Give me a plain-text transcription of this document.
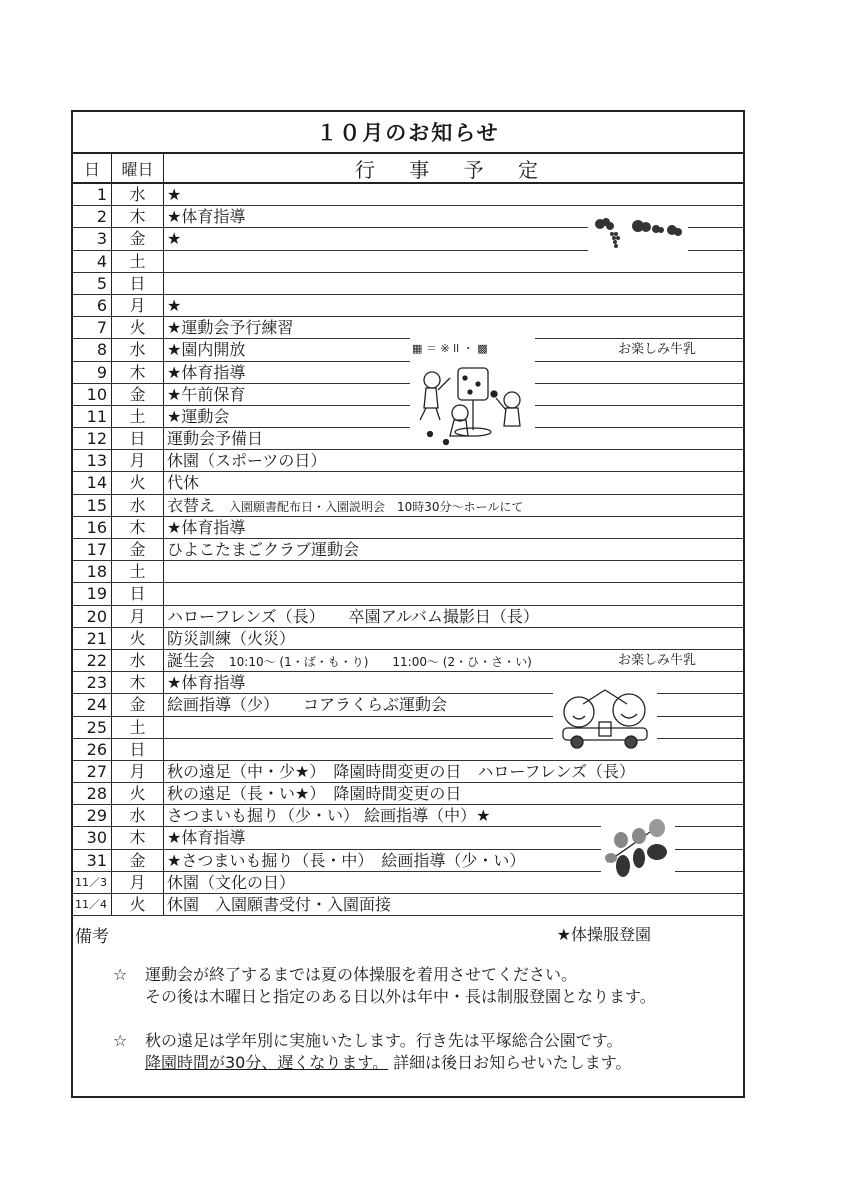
１０月のお知らせ
日	曜日	行 事 予 定
1	水	★
2	木	★体育指導
3	金	★
4	土
5	日
6	月	★
7	火	★運動会予行練習
8	水	★園内開放	お楽しみ牛乳
9	木	★体育指導
10	金	★午前保育
11	土	★運動会
12	日	運動会予備日
13	月	休園（スポーツの日）
14	火	代休
15	水	衣替え 入園願書配布日・入園説明会　10時30分～ホールにて
16	木	★体育指導
17	金	ひよこたまごクラブ運動会
18	土
19	日
20	月	ハローフレンズ（長）　　卒園アルバム撮影日（長）
21	火	防災訓練（火災）
22	水	誕生会 10:10～ (1・ば・も・り)　　11:00～ (2・ひ・さ・い)	お楽しみ牛乳
23	木	★体育指導
24	金	絵画指導（少）　　コアラくらぶ運動会
25	土
26	日
27	月	秋の遠足（中・少★）　降園時間変更の日　ハローフレンズ（長）
28	火	秋の遠足（長・い★）　降園時間変更の日
29	水	さつまいも掘り（少・い） 絵画指導（中）★
30	木	★体育指導
31	金	★さつまいも掘り（長・中）　絵画指導（少・い）
11／3	月	休園（文化の日）
11／4	火	休園　入園願書受付・入園面接
▦ ＝ ※ ll ・ ▩
備考	★体操服登園
☆ 運動会が終了するまでは夏の体操服を着用させてください。
その後は木曜日と指定のある日以外は年中・長は制服登園となります。
☆ 秋の遠足は学年別に実施いたします。行き先は平塚総合公園です。
降園時間が30分、遅くなります。 詳細は後日お知らせいたします。
